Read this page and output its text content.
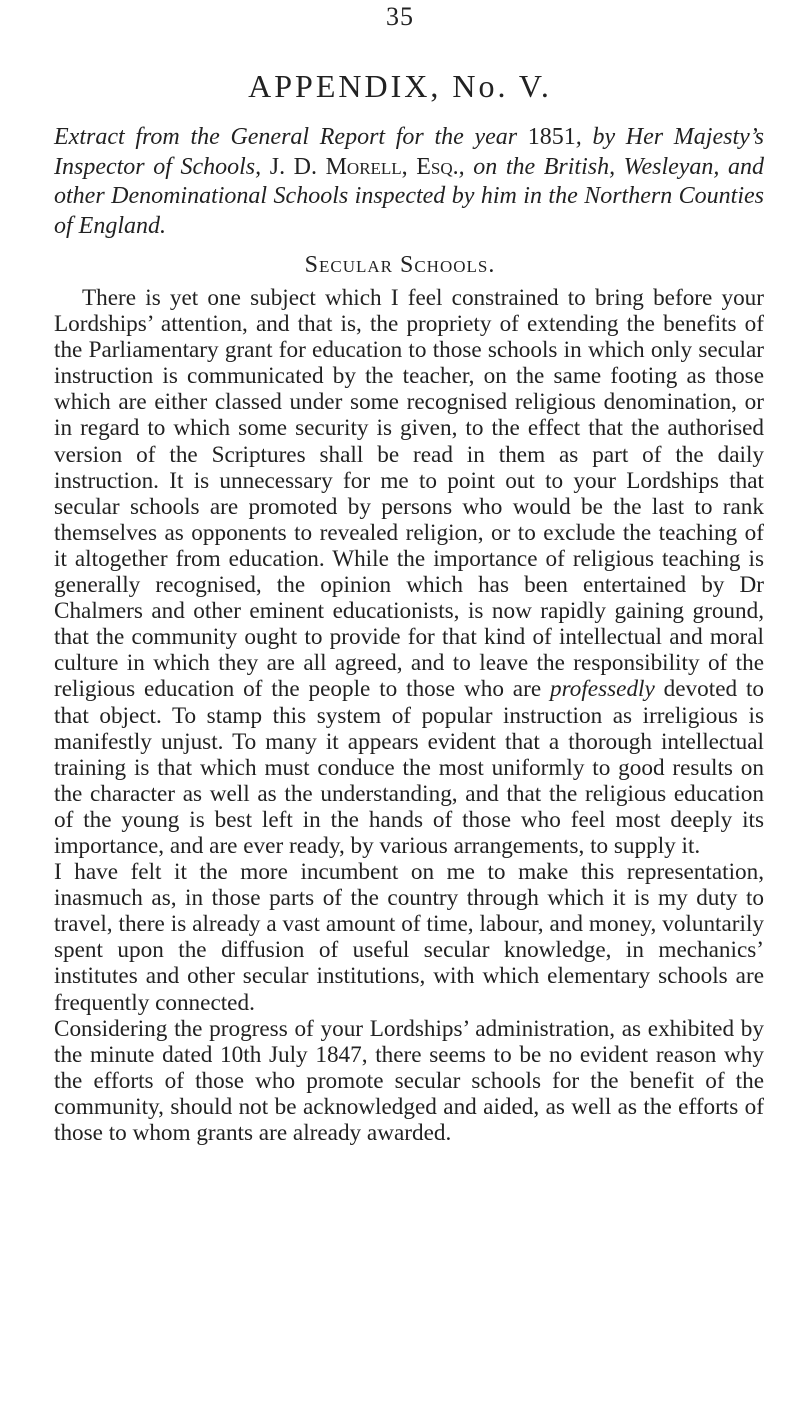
35
APPENDIX, No. V.
Extract from the General Report for the year 1851, by Her Majesty’s Inspector of Schools, J. D. Morell, Esq., on the British, Wesleyan, and other Denominational Schools inspected by him in the Northern Counties of England.
Secular Schools.

There is yet one subject which I feel constrained to bring before your Lordships’ attention, and that is, the propriety of extending the benefits of the Parliamentary grant for education to those schools in which only secular instruction is communicated by the teacher, on the same footing as those which are either classed under some recognised religious denomination, or in regard to which some security is given, to the effect that the authorised version of the Scriptures shall be read in them as part of the daily instruction. It is unnecessary for me to point out to your Lordships that secular schools are promoted by persons who would be the last to rank themselves as opponents to revealed religion, or to exclude the teaching of it altogether from education. While the importance of religious teaching is generally recognised, the opinion which has been entertained by Dr Chalmers and other eminent educationists, is now rapidly gaining ground, that the community ought to provide for that kind of intellectual and moral culture in which they are all agreed, and to leave the responsibility of the religious education of the people to those who are professedly devoted to that object. To stamp this system of popular instruction as irreligious is manifestly unjust. To many it appears evident that a thorough intellectual training is that which must conduce the most uniformly to good results on the character as well as the understanding, and that the religious education of the young is best left in the hands of those who feel most deeply its importance, and are ever ready, by various arrangements, to supply it.

I have felt it the more incumbent on me to make this representation, inasmuch as, in those parts of the country through which it is my duty to travel, there is already a vast amount of time, labour, and money, voluntarily spent upon the diffusion of useful secular knowledge, in mechanics’ institutes and other secular institutions, with which elementary schools are frequently connected.

Considering the progress of your Lordships’ administration, as exhibited by the minute dated 10th July 1847, there seems to be no evident reason why the efforts of those who promote secular schools for the benefit of the community, should not be acknowledged and aided, as well as the efforts of those to whom grants are already awarded.
